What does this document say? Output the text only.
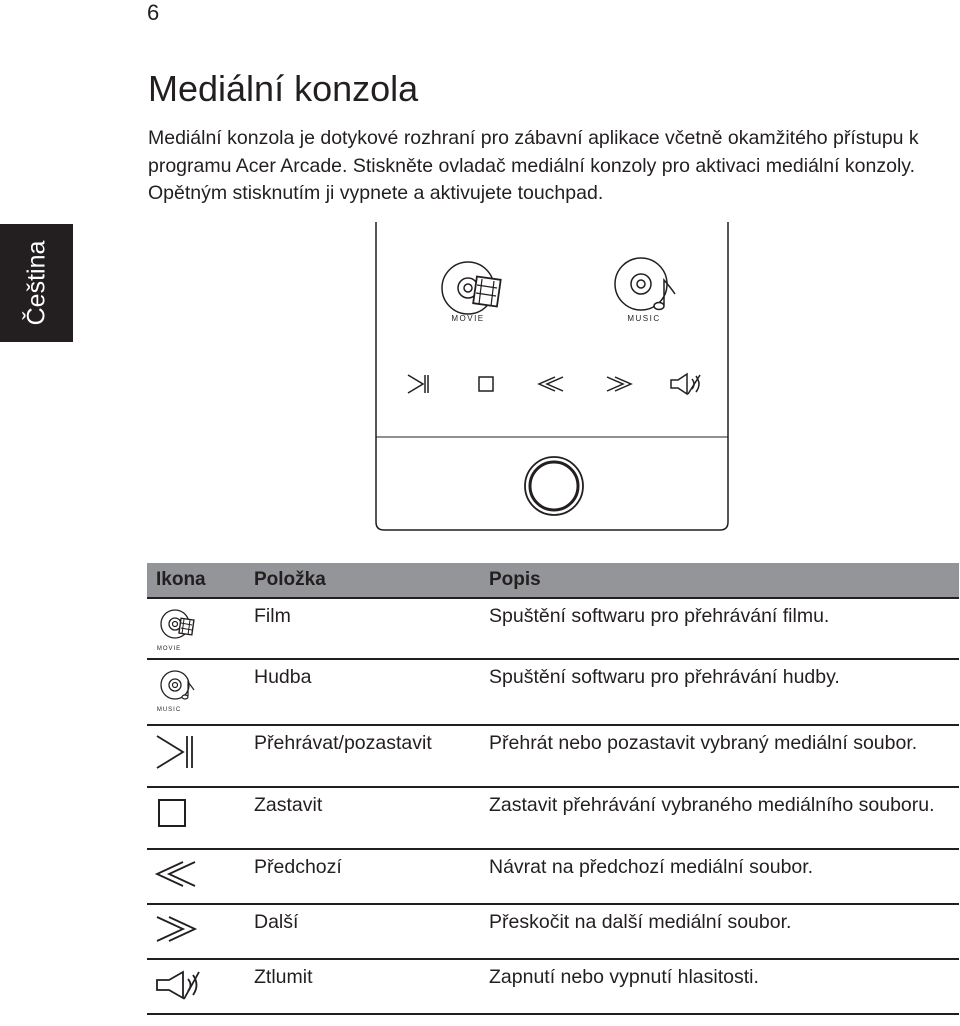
6
Čeština
Mediální konzola

Mediální konzola je dotykové rozhraní pro zábavní aplikace včetně okamžitého přístupu k programu Acer Arcade. Stiskněte ovladač mediální konzoly pro aktivaci mediální konzoly. Opětným stisknutím ji vypnete a aktivujete touchpad.

MOVIE	MUSIC
Ikona	Položka	Popis

MOVIE	Film	Spuštění softwaru pro přehrávání filmu.

MUSIC	Hudba	Spuštění softwaru pro přehrávání hudby.

	Přehrávat/pozastavit	Přehrát nebo pozastavit vybraný mediální soubor.

	Zastavit	Zastavit přehrávání vybraného mediálního souboru.

	Předchozí	Návrat na předchozí mediální soubor.

	Další	Přeskočit na další mediální soubor.

	Ztlumit	Zapnutí nebo vypnutí hlasitosti.
